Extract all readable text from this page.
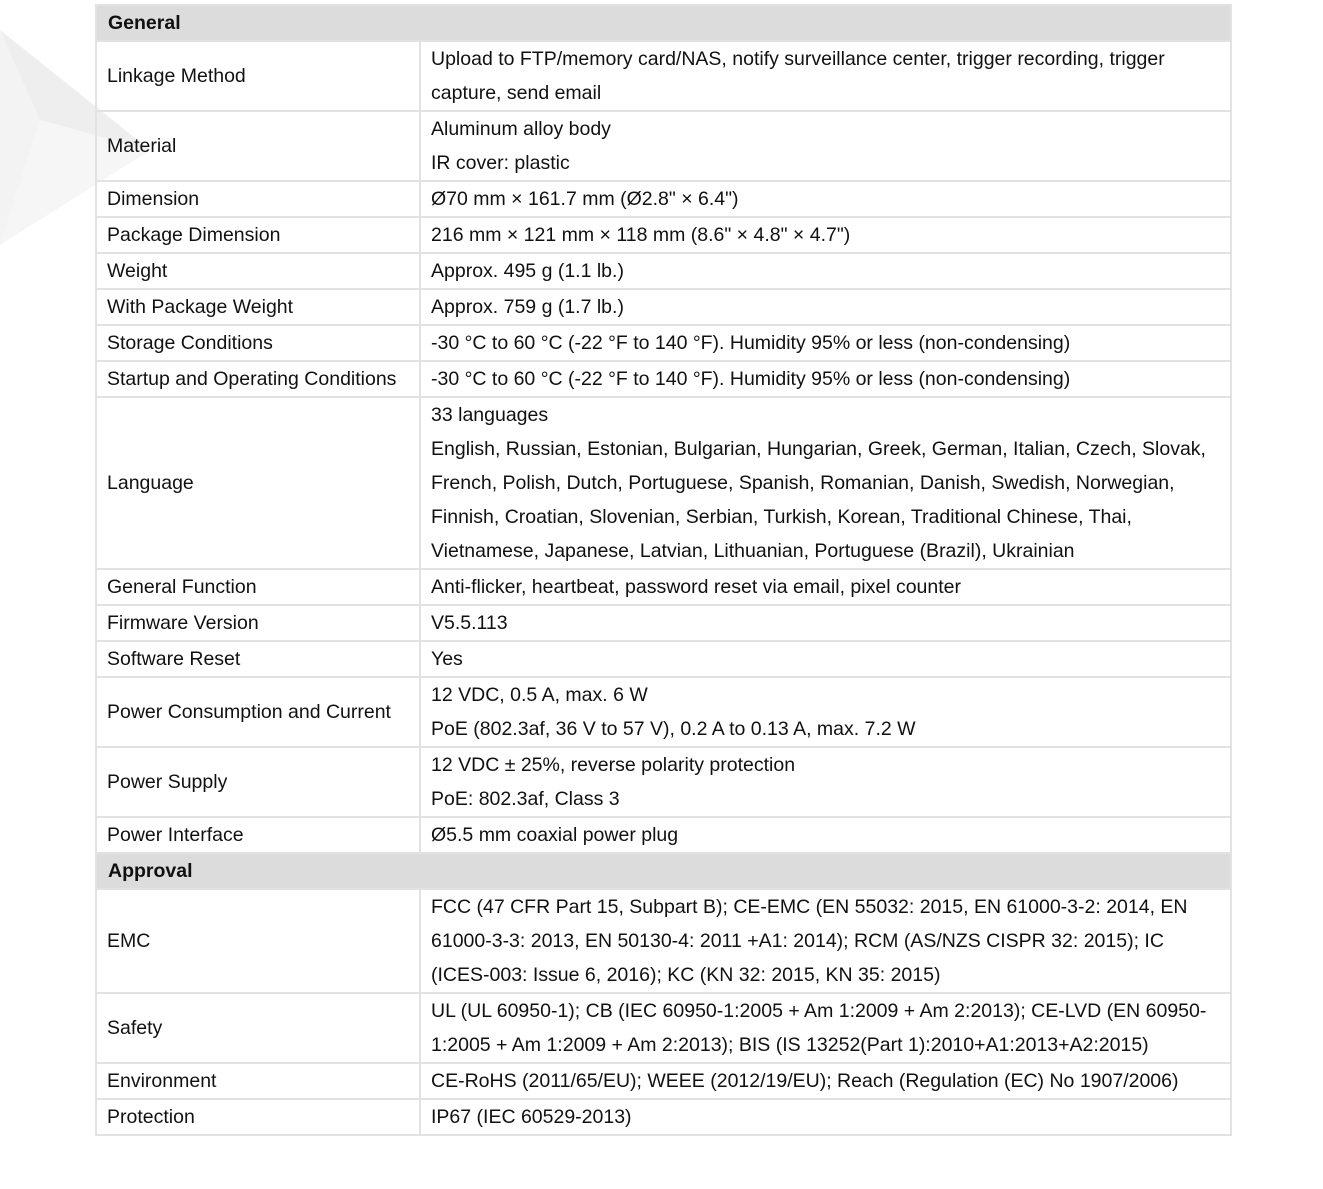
General	
Linkage Method	Upload to FTP/memory card/NAS, notify surveillance center, trigger recording, trigger capture, send email

Material	Aluminum alloy body
IR cover: plastic

Dimension	Ø70 mm × 161.7 mm (Ø2.8" × 6.4")

Package Dimension	216 mm × 121 mm × 118 mm (8.6" × 4.8" × 4.7")

Weight	Approx. 495 g (1.1 lb.)

With Package Weight	Approx. 759 g (1.7 lb.)

Storage Conditions	-30 °C to 60 °C (-22 °F to 140 °F). Humidity 95% or less (non-condensing)

Startup and Operating Conditions	-30 °C to 60 °C (-22 °F to 140 °F). Humidity 95% or less (non-condensing)

Language	33 languages
English, Russian, Estonian, Bulgarian, Hungarian, Greek, German, Italian, Czech, Slovak, French, Polish, Dutch, Portuguese, Spanish, Romanian, Danish, Swedish, Norwegian, Finnish, Croatian, Slovenian, Serbian, Turkish, Korean, Traditional Chinese, Thai, Vietnamese, Japanese, Latvian, Lithuanian, Portuguese (Brazil), Ukrainian

General Function	Anti-flicker, heartbeat, password reset via email, pixel counter

Firmware Version	V5.5.113

Software Reset	Yes

Power Consumption and Current	12 VDC, 0.5 A, max. 6 W
PoE (802.3af, 36 V to 57 V), 0.2 A to 0.13 A, max. 7.2 W

Power Supply	12 VDC ± 25%, reverse polarity protection
PoE: 802.3af, Class 3

Power Interface	Ø5.5 mm coaxial power plug

Approval	
EMC	FCC (47 CFR Part 15, Subpart B); CE-EMC (EN 55032: 2015, EN 61000-3-2: 2014, EN 61000-3-3: 2013, EN 50130-4: 2011 +A1: 2014); RCM (AS/NZS CISPR 32: 2015); IC (ICES-003: Issue 6, 2016); KC (KN 32: 2015, KN 35: 2015)

Safety	UL (UL 60950-1); CB (IEC 60950-1:2005 + Am 1:2009 + Am 2:2013); CE-LVD (EN 60950-1:2005 + Am 1:2009 + Am 2:2013); BIS (IS 13252(Part 1):2010+A1:2013+A2:2015)

Environment	CE-RoHS (2011/65/EU); WEEE (2012/19/EU); Reach (Regulation (EC) No 1907/2006)

Protection	IP67 (IEC 60529-2013)
